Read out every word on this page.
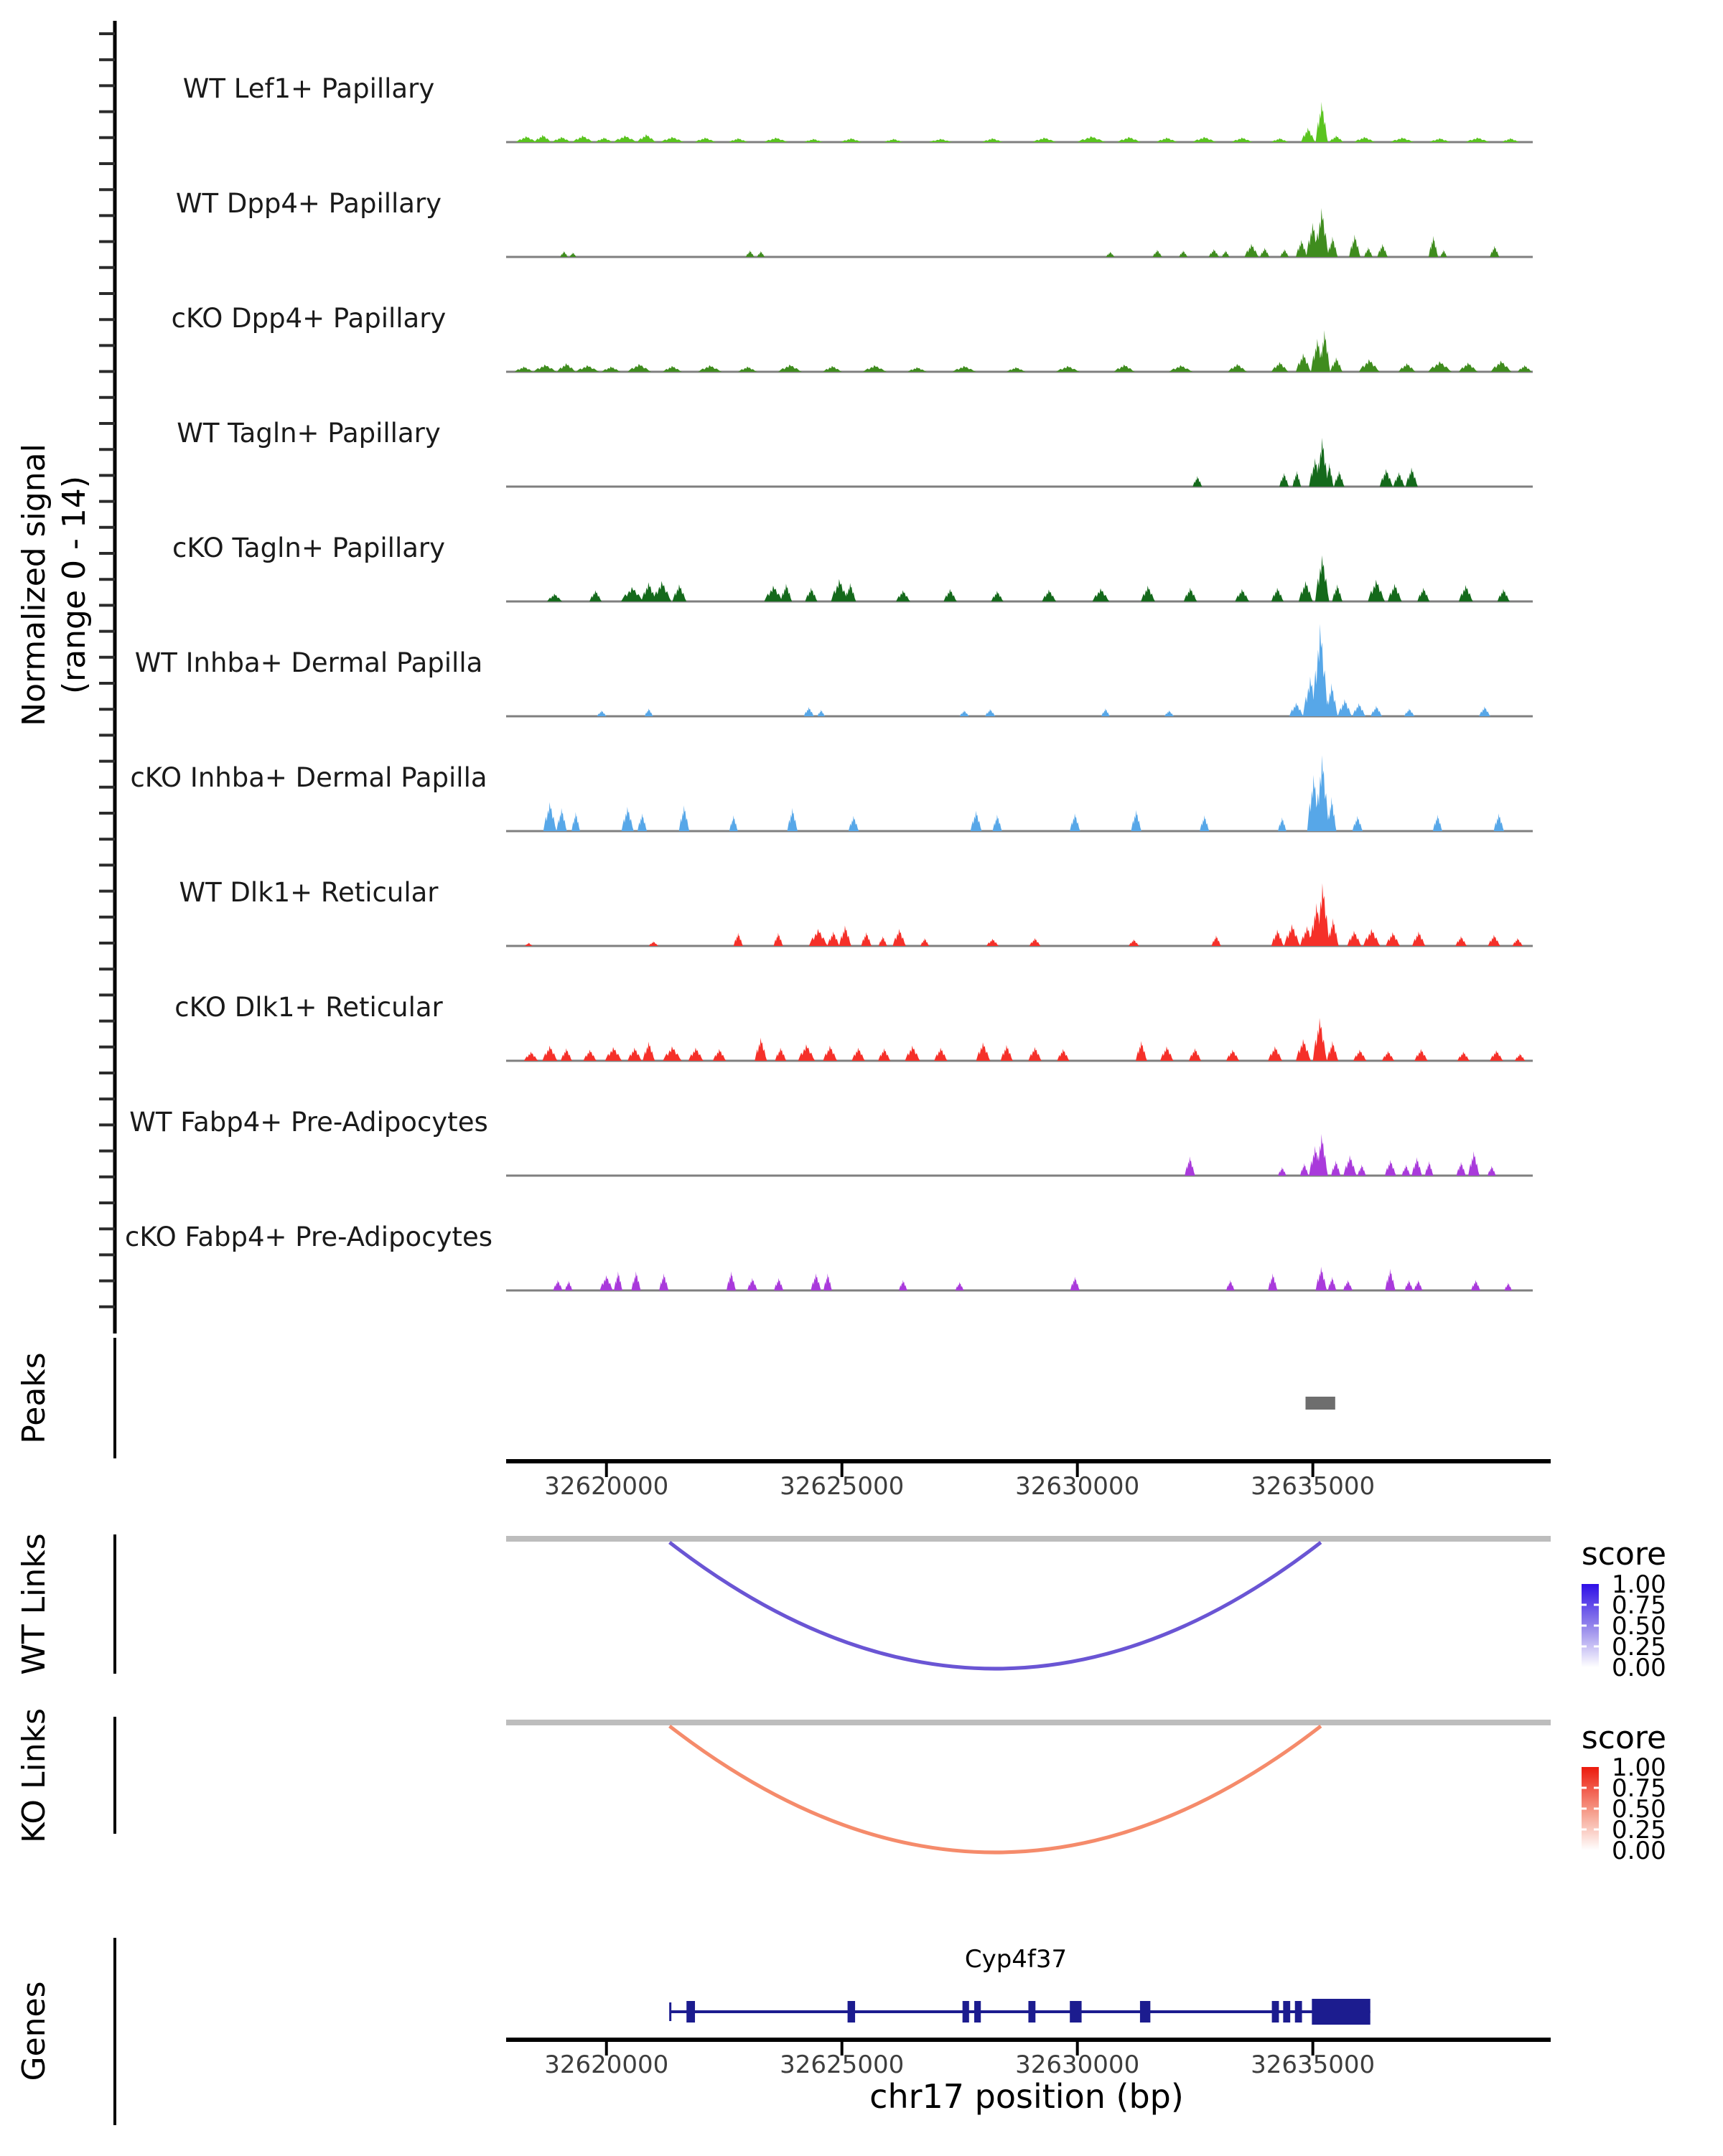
WT Lef1+ Papillary
WT Dpp4+ Papillary
cKO Dpp4+ Papillary
WT Tagln+ Papillary
cKO Tagln+ Papillary
WT Inhba+ Dermal Papilla
cKO Inhba+ Dermal Papilla
WT Dlk1+ Reticular
cKO Dlk1+ Reticular
WT Fabp4+ Pre-Adipocytes
cKO Fabp4+ Pre-Adipocytes
32620000	32625000	32630000	32635000
32620000	32625000	32630000	32635000
1.00
0.75
0.50
0.25
0.00
1.00
0.75
0.50
0.25
0.00
Normalized signal (range 0 - 14)
Peaks
WT Links
KO Links
Genes
score
score
Cyp4f37
chr17 position (bp)
